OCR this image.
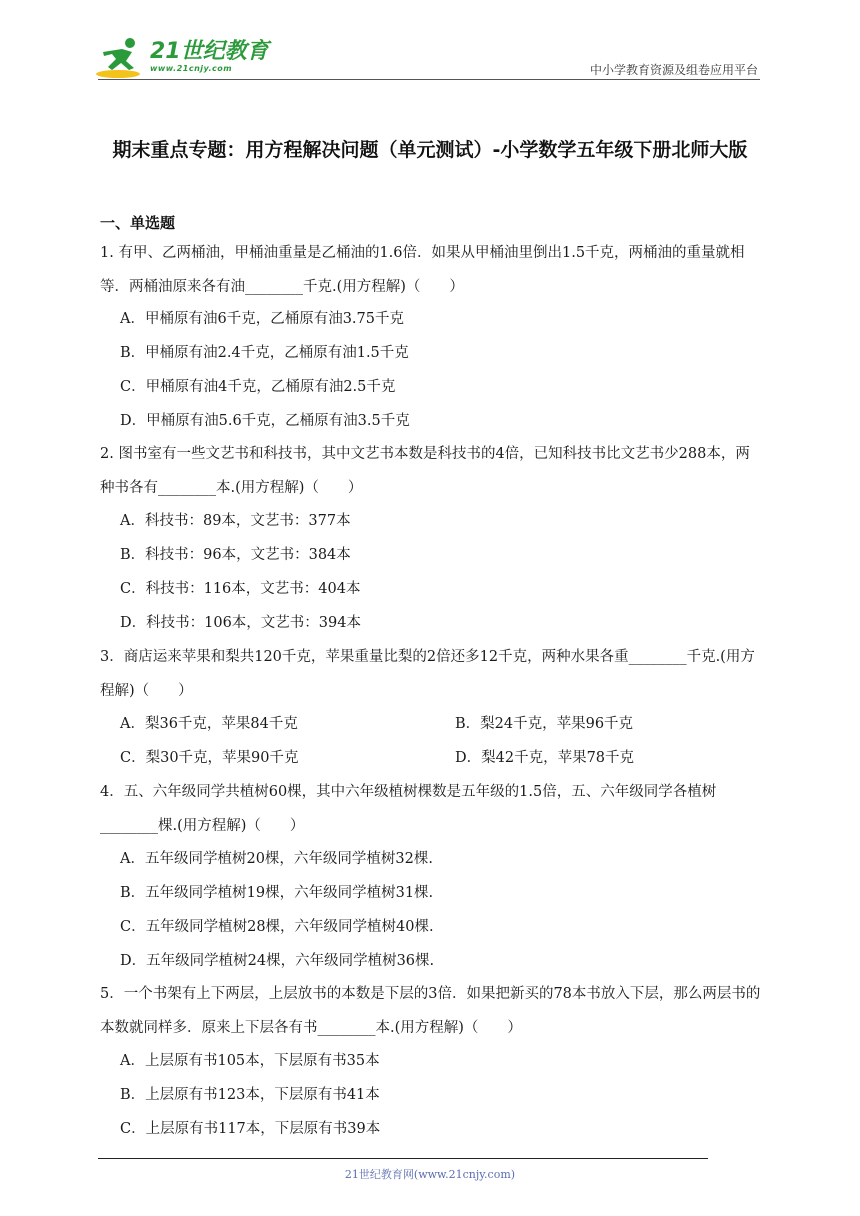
21世纪教育
www.21cnjy.com	中小学教育资源及组卷应用平台
期末重点专题：用方程解决问题（单元测试）-小学数学五年级下册北师大版
一、单选题
1. 有甲、乙两桶油，甲桶油重量是乙桶油的1.6倍．如果从甲桶油里倒出1.5千克，两桶油的重量就相等．两桶油原来各有油________千克.(用方程解)（　　）
A．甲桶原有油6千克，乙桶原有油3.75千克
B．甲桶原有油2.4千克，乙桶原有油1.5千克
C．甲桶原有油4千克，乙桶原有油2.5千克
D．甲桶原有油5.6千克，乙桶原有油3.5千克
2. 图书室有一些文艺书和科技书，其中文艺书本数是科技书的4倍，已知科技书比文艺书少288本，两种书各有________本.(用方程解)（　　）
A．科技书：89本，文艺书：377本
B．科技书：96本，文艺书：384本
C．科技书：116本，文艺书：404本
D．科技书：106本，文艺书：394本
3．商店运来苹果和梨共120千克，苹果重量比梨的2倍还多12千克，两种水果各重________千克.(用方程解)（　　）
A．梨36千克，苹果84千克	B．梨24千克，苹果96千克
C．梨30千克，苹果90千克	D．梨42千克，苹果78千克
4．五、六年级同学共植树60棵，其中六年级植树棵数是五年级的1.5倍，五、六年级同学各植树________棵.(用方程解)（　　）
A．五年级同学植树20棵，六年级同学植树32棵.
B．五年级同学植树19棵，六年级同学植树31棵.
C．五年级同学植树28棵，六年级同学植树40棵.
D．五年级同学植树24棵，六年级同学植树36棵.
5．一个书架有上下两层，上层放书的本数是下层的3倍．如果把新买的78本书放入下层，那么两层书的本数就同样多．原来上下层各有书________本.(用方程解)（　　）
A．上层原有书105本，下层原有书35本
B．上层原有书123本，下层原有书41本
C．上层原有书117本，下层原有书39本
21世纪教育网(www.21cnjy.com)
